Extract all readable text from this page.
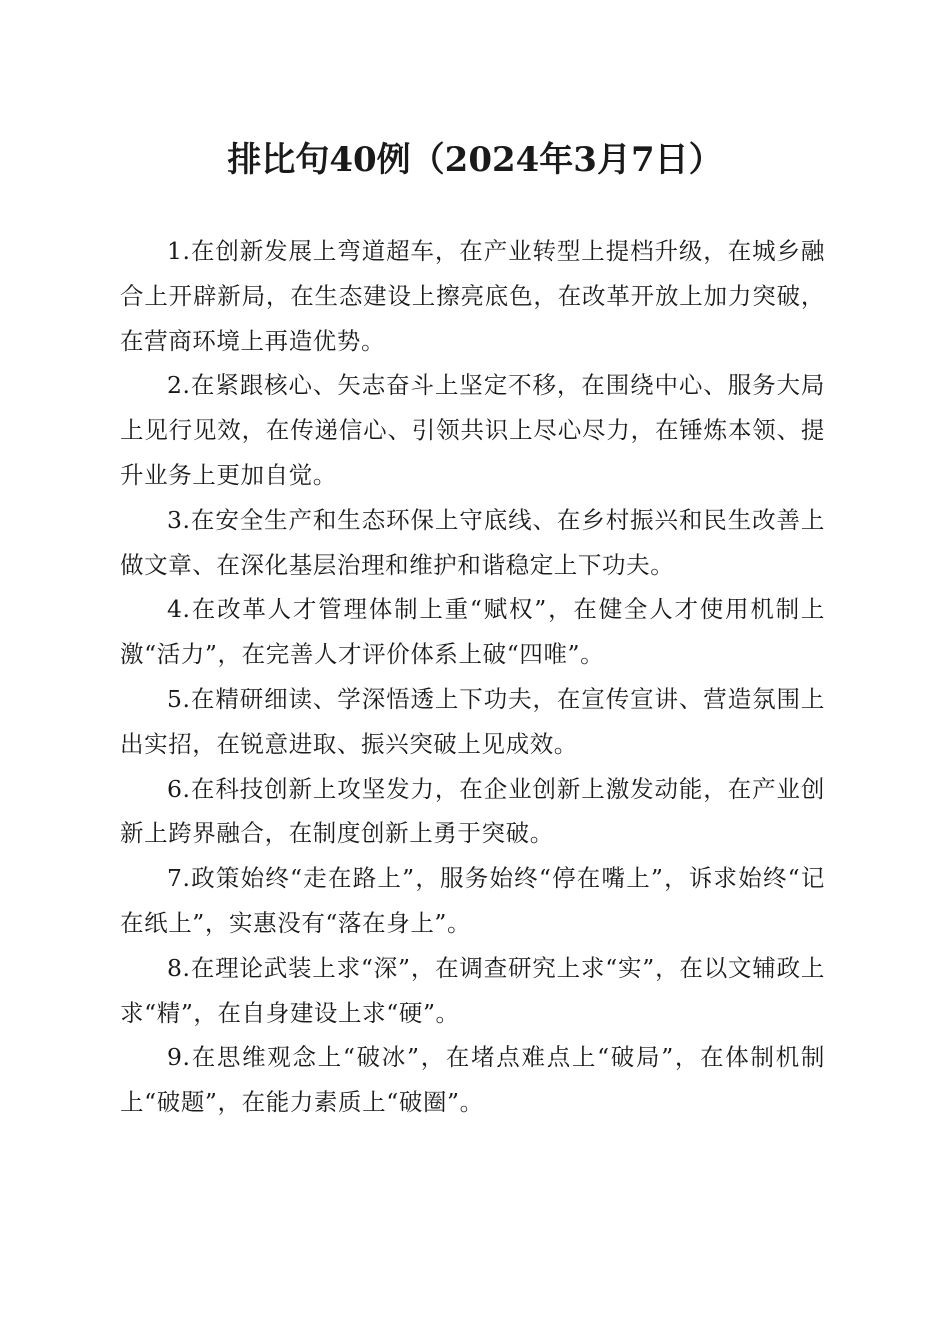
排比句40例（2024年3月7日）

1.在创新发展上弯道超车，在产业转型上提档升级，在城乡融合上开辟新局，在生态建设上擦亮底色，在改革开放上加力突破，在营商环境上再造优势。

2.在紧跟核心、矢志奋斗上坚定不移，在围绕中心、服务大局上见行见效，在传递信心、引领共识上尽心尽力，在锤炼本领、提升业务上更加自觉。

3.在安全生产和生态环保上守底线、在乡村振兴和民生改善上做文章、在深化基层治理和维护和谐稳定上下功夫。

4.在改革人才管理体制上重“赋权”，在健全人才使用机制上激“活力”，在完善人才评价体系上破“四唯”。

5.在精研细读、学深悟透上下功夫，在宣传宣讲、营造氛围上出实招，在锐意进取、振兴突破上见成效。

6.在科技创新上攻坚发力，在企业创新上激发动能，在产业创新上跨界融合，在制度创新上勇于突破。

7.政策始终“走在路上”，服务始终“停在嘴上”，诉求始终“记在纸上”，实惠没有“落在身上”。

8.在理论武装上求“深”，在调查研究上求“实”，在以文辅政上求“精”，在自身建设上求“硬”。

9.在思维观念上“破冰”，在堵点难点上“破局”，在体制机制上“破题”，在能力素质上“破圈”。
